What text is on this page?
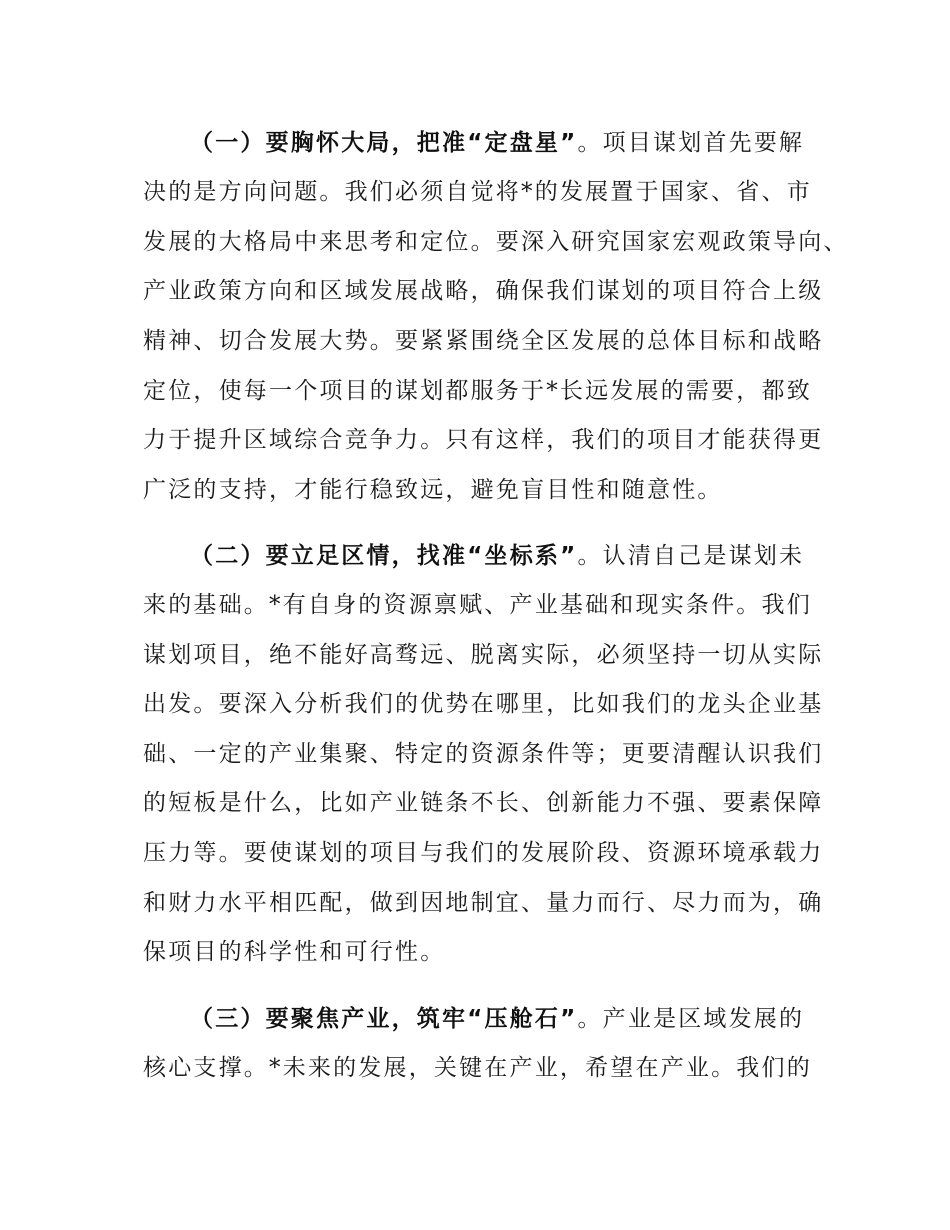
（一）要胸怀大局，把准“定盘星”。项目谋划首先要解
决的是方向问题。我们必须自觉将*的发展置于国家、省、市
发展的大格局中来思考和定位。要深入研究国家宏观政策导向、
产业政策方向和区域发展战略，确保我们谋划的项目符合上级
精神、切合发展大势。要紧紧围绕全区发展的总体目标和战略
定位，使每一个项目的谋划都服务于*长远发展的需要，都致
力于提升区域综合竞争力。只有这样，我们的项目才能获得更
广泛的支持，才能行稳致远，避免盲目性和随意性。
（二）要立足区情，找准“坐标系”。认清自己是谋划未
来的基础。*有自身的资源禀赋、产业基础和现实条件。我们
谋划项目，绝不能好高骛远、脱离实际，必须坚持一切从实际
出发。要深入分析我们的优势在哪里，比如我们的龙头企业基
础、一定的产业集聚、特定的资源条件等；更要清醒认识我们
的短板是什么，比如产业链条不长、创新能力不强、要素保障
压力等。要使谋划的项目与我们的发展阶段、资源环境承载力
和财力水平相匹配，做到因地制宜、量力而行、尽力而为，确
保项目的科学性和可行性。
（三）要聚焦产业，筑牢“压舱石”。产业是区域发展的
核心支撑。*未来的发展，关键在产业，希望在产业。我们的
